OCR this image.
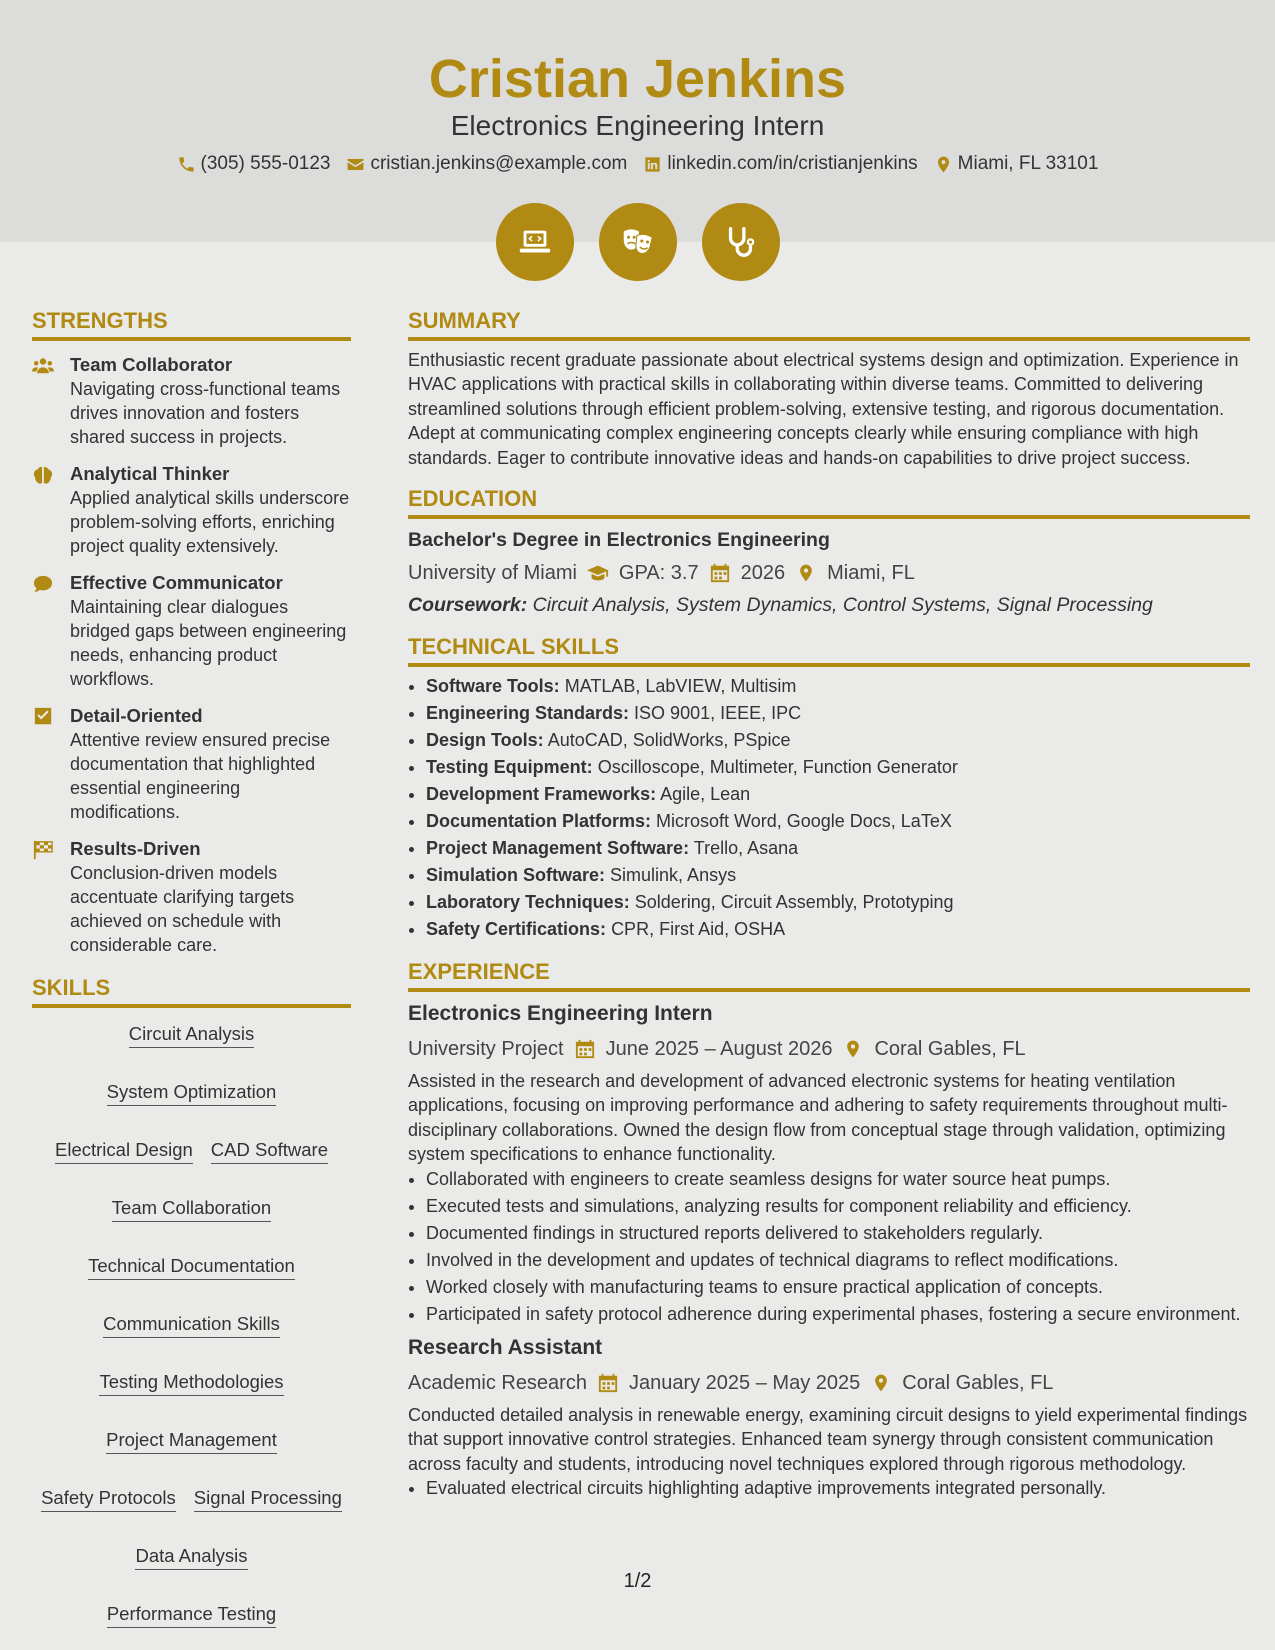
Cristian Jenkins
Electronics Engineering Intern
(305) 555-0123 cristian.jenkins@example.com linkedin.com/in/cristianjenkins Miami, FL 33101
STRENGTHS
Team Collaborator
Navigating cross-functional teams drives innovation and fosters shared success in projects.
Analytical Thinker
Applied analytical skills underscore problem-solving efforts, enriching project quality extensively.
Effective Communicator
Maintaining clear dialogues bridged gaps between engineering needs, enhancing product workflows.
Detail-Oriented
Attentive review ensured precise documentation that highlighted essential engineering modifications.
Results-Driven
Conclusion-driven models accentuate clarifying targets achieved on schedule with considerable care.
SKILLS
Circuit Analysis
System Optimization
Electrical Design CAD Software
Team Collaboration
Technical Documentation
Communication Skills
Testing Methodologies
Project Management
Safety Protocols Signal Processing
Data Analysis
Performance Testing
SUMMARY
Enthusiastic recent graduate passionate about electrical systems design and optimization. Experience in HVAC applications with practical skills in collaborating within diverse teams. Committed to delivering streamlined solutions through efficient problem-solving, extensive testing, and rigorous documentation. Adept at communicating complex engineering concepts clearly while ensuring compliance with high standards. Eager to contribute innovative ideas and hands-on capabilities to drive project success.
EDUCATION
Bachelor's Degree in Electronics Engineering
University of Miami GPA: 3.7 2026 Miami, FL
Coursework: Circuit Analysis, System Dynamics, Control Systems, Signal Processing
TECHNICAL SKILLS
• Software Tools: MATLAB, LabVIEW, Multisim
• Engineering Standards: ISO 9001, IEEE, IPC
• Design Tools: AutoCAD, SolidWorks, PSpice
• Testing Equipment: Oscilloscope, Multimeter, Function Generator
• Development Frameworks: Agile, Lean
• Documentation Platforms: Microsoft Word, Google Docs, LaTeX
• Project Management Software: Trello, Asana
• Simulation Software: Simulink, Ansys
• Laboratory Techniques: Soldering, Circuit Assembly, Prototyping
• Safety Certifications: CPR, First Aid, OSHA
EXPERIENCE
Electronics Engineering Intern
University Project June 2025 – August 2026 Coral Gables, FL
Assisted in the research and development of advanced electronic systems for heating ventilation applications, focusing on improving performance and adhering to safety requirements throughout multi-disciplinary collaborations. Owned the design flow from conceptual stage through validation, optimizing system specifications to enhance functionality.
• Collaborated with engineers to create seamless designs for water source heat pumps.
• Executed tests and simulations, analyzing results for component reliability and efficiency.
• Documented findings in structured reports delivered to stakeholders regularly.
• Involved in the development and updates of technical diagrams to reflect modifications.
• Worked closely with manufacturing teams to ensure practical application of concepts.
• Participated in safety protocol adherence during experimental phases, fostering a secure environment.
Research Assistant
Academic Research January 2025 – May 2025 Coral Gables, FL
Conducted detailed analysis in renewable energy, examining circuit designs to yield experimental findings that support innovative control strategies. Enhanced team synergy through consistent communication across faculty and students, introducing novel techniques explored through rigorous methodology.
• Evaluated electrical circuits highlighting adaptive improvements integrated personally.
1/2
